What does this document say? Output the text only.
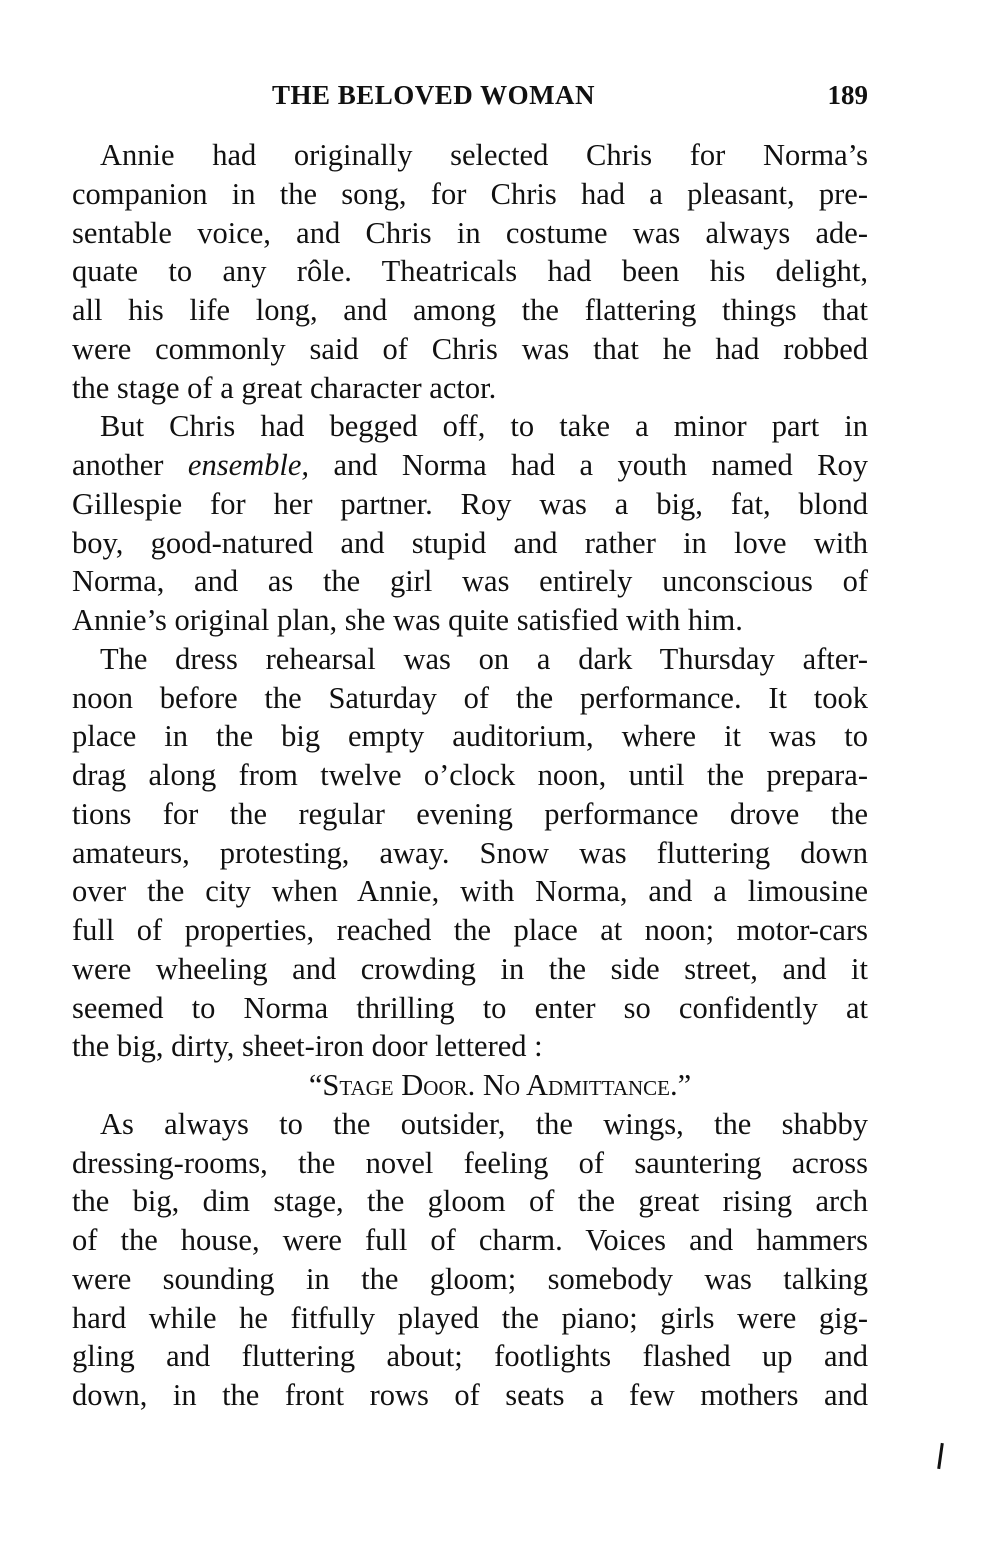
THE BELOVED WOMAN	189
Annie had originally selected Chris for Norma’s
companion in the song, for Chris had a pleasant, pre-
sentable voice, and Chris in costume was always ade-
quate to any rôle. Theatricals had been his delight,
all his life long, and among the flattering things that
were commonly said of Chris was that he had robbed
the stage of a great character actor.
But Chris had begged off, to take a minor part in
another ensemble, and Norma had a youth named Roy
Gillespie for her partner. Roy was a big, fat, blond
boy, good-natured and stupid and rather in love with
Norma, and as the girl was entirely unconscious of
Annie’s original plan, she was quite satisfied with him.
The dress rehearsal was on a dark Thursday after-
noon before the Saturday of the performance. It took
place in the big empty auditorium, where it was to
drag along from twelve o’clock noon, until the prepara-
tions for the regular evening performance drove the
amateurs, protesting, away. Snow was fluttering down
over the city when Annie, with Norma, and a limousine
full of properties, reached the place at noon; motor-cars
were wheeling and crowding in the side street, and it
seemed to Norma thrilling to enter so confidently at
the big, dirty, sheet-iron door lettered :
“Stage Door. No Admittance.”
As always to the outsider, the wings, the shabby
dressing-rooms, the novel feeling of sauntering across
the big, dim stage, the gloom of the great rising arch
of the house, were full of charm. Voices and hammers
were sounding in the gloom; somebody was talking
hard while he fitfully played the piano; girls were gig-
gling and fluttering about; footlights flashed up and
down, in the front rows of seats a few mothers and
